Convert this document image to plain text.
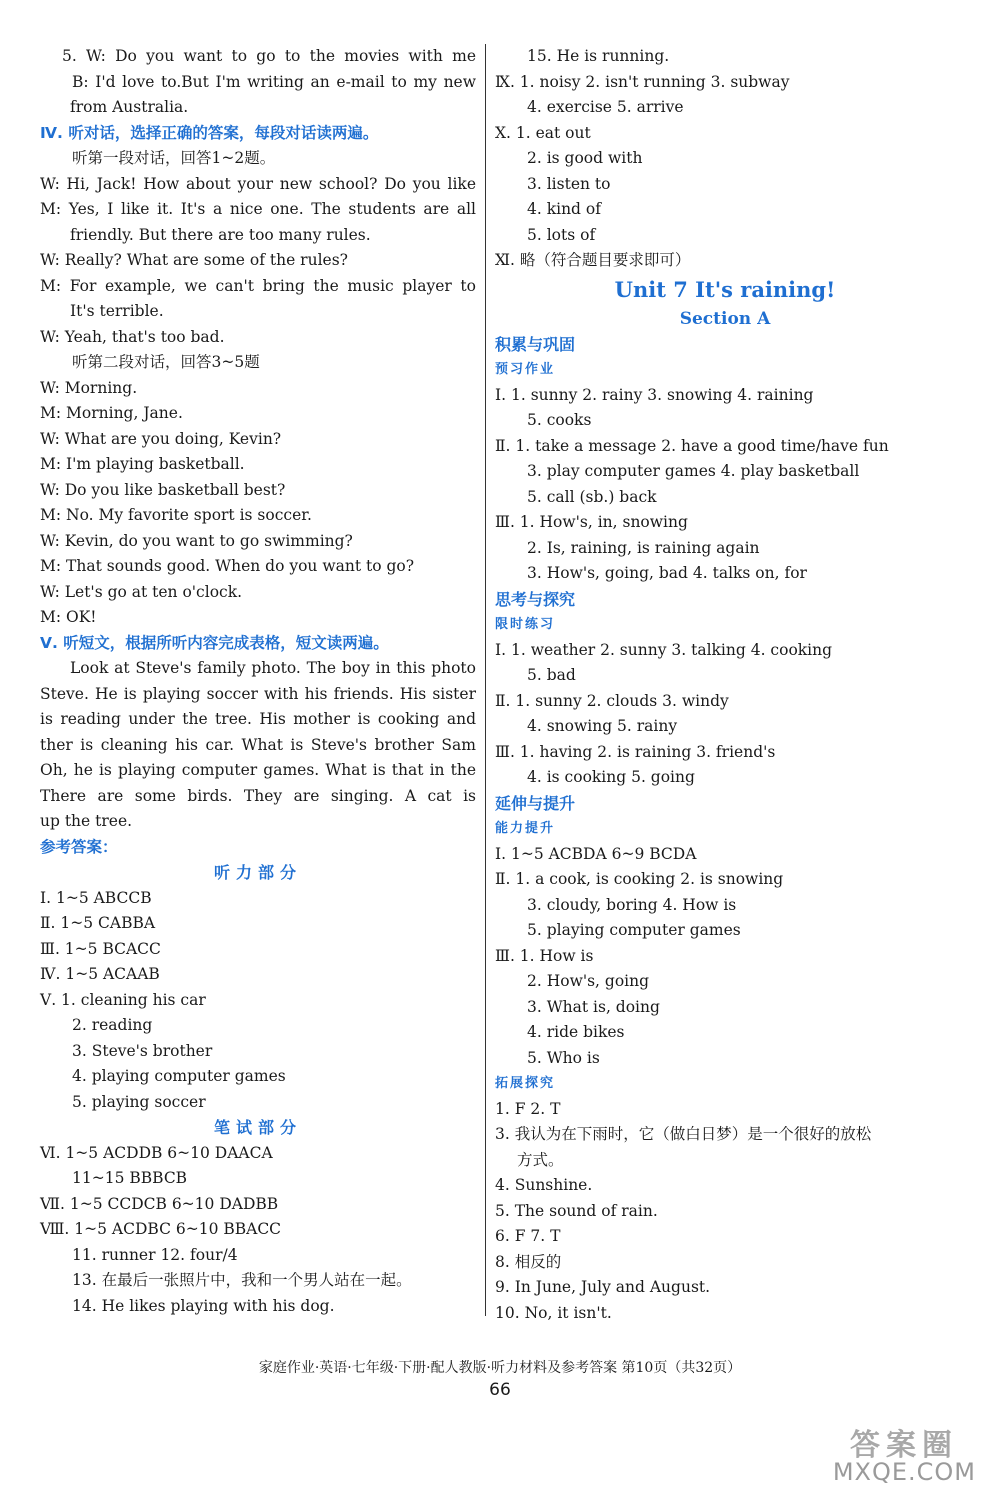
5. W: Do you want to go to the movies with me
B: I'd love to.But I'm writing an e-mail to my new
from Australia.
Ⅳ. 听对话，选择正确的答案，每段对话读两遍。
听第一段对话，回答1~2题。
W: Hi, Jack! How about your new school? Do you like
M: Yes, I like it. It's a nice one. The students are all
friendly. But there are too many rules.
W: Really? What are some of the rules?
M: For example, we can't bring the music player to
It's terrible.
W: Yeah, that's too bad.
听第二段对话，回答3~5题
W: Morning.
M: Morning, Jane.
W: What are you doing, Kevin?
M: I'm playing basketball.
W: Do you like basketball best?
M: No. My favorite sport is soccer.
W: Kevin, do you want to go swimming?
M: That sounds good. When do you want to go?
W: Let's go at ten o'clock.
M: OK!
Ⅴ. 听短文，根据所听内容完成表格，短文读两遍。
Look at Steve's family photo. The boy in this photo
Steve. He is playing soccer with his friends. His sister
is reading under the tree. His mother is cooking and
ther is cleaning his car. What is Steve's brother Sam
Oh, he is playing computer games. What is that in the
There are some birds. They are singing. A cat is
up the tree.
参考答案：
听力部分
Ⅰ. 1~5 ABCCB
Ⅱ. 1~5 CABBA
Ⅲ. 1~5 BCACC
Ⅳ. 1~5 ACAAB
Ⅴ. 1. cleaning his car
2. reading
3. Steve's brother
4. playing computer games
5. playing soccer
笔试部分
Ⅵ. 1~5 ACDDB 6~10 DAACA
11~15 BBBCB
Ⅶ. 1~5 CCDCB 6~10 DADBB
Ⅷ. 1~5 ACDBC 6~10 BBACC
11. runner 12. four/4
13. 在最后一张照片中，我和一个男人站在一起。
14. He likes playing with his dog.
15. He is running.
Ⅸ. 1. noisy 2. isn't running 3. subway
4. exercise 5. arrive
Ⅹ. 1. eat out
2. is good with
3. listen to
4. kind of
5. lots of
Ⅺ. 略（符合题目要求即可）
Unit 7 It's raining!
Section A
积累与巩固
预习作业
Ⅰ. 1. sunny 2. rainy 3. snowing 4. raining
5. cooks
Ⅱ. 1. take a message 2. have a good time/have fun
3. play computer games 4. play basketball
5. call (sb.) back
Ⅲ. 1. How's, in, snowing
2. Is, raining, is raining again
3. How's, going, bad 4. talks on, for
思考与探究
限时练习
Ⅰ. 1. weather 2. sunny 3. talking 4. cooking
5. bad
Ⅱ. 1. sunny 2. clouds 3. windy
4. snowing 5. rainy
Ⅲ. 1. having 2. is raining 3. friend's
4. is cooking 5. going
延伸与提升
能力提升
Ⅰ. 1~5 ACBDA 6~9 BCDA
Ⅱ. 1. a cook, is cooking 2. is snowing
3. cloudy, boring 4. How is
5. playing computer games
Ⅲ. 1. How is
2. How's, going
3. What is, doing
4. ride bikes
5. Who is
拓展探究
1. F 2. T
3. 我认为在下雨时，它（做白日梦）是一个很好的放松
方式。
4. Sunshine.
5. The sound of rain.
6. F 7. T
8. 相反的
9. In June, July and August.
10. No, it isn't.
家庭作业·英语·七年级·下册·配人教版·听力材料及参考答案 第10页（共32页）
66
答案圈
MXQE.COM
